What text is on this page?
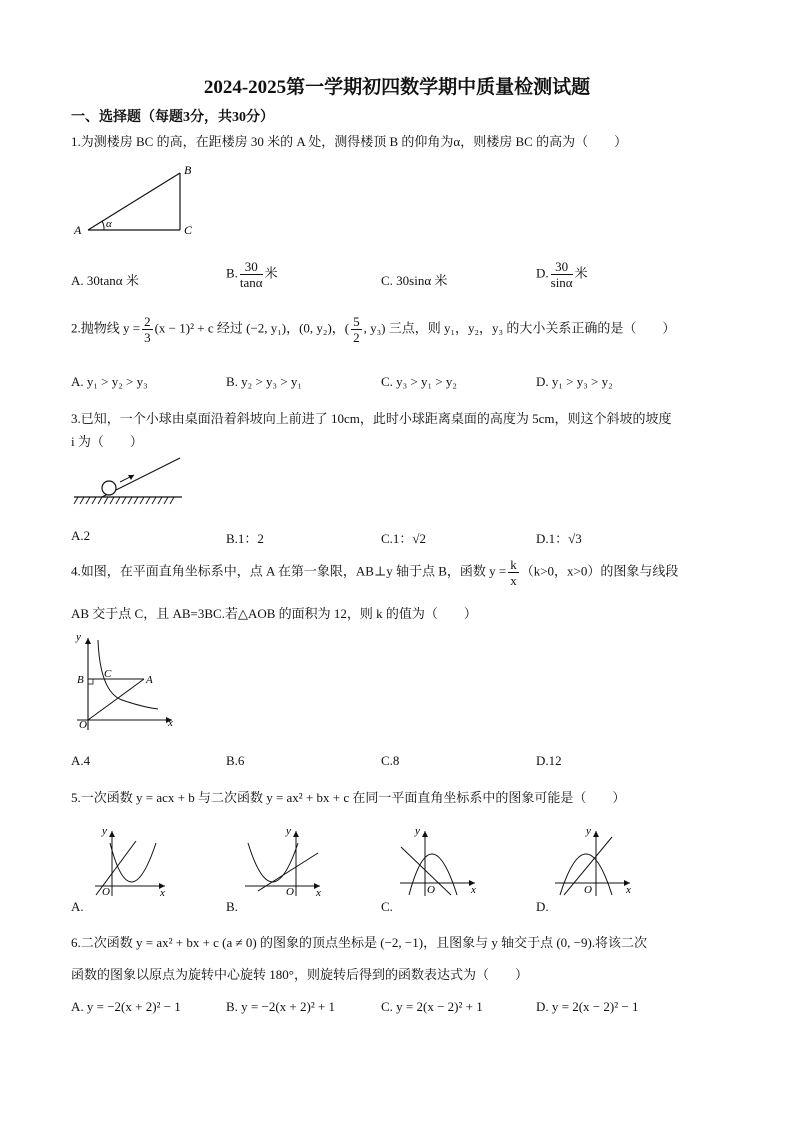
2024-2025第一学期初四数学期中质量检测试题
一、选择题（每题3分，共30分）
1.为测楼房 BC 的高，在距楼房 30 米的 A 处，测得楼顶 B 的仰角为α，则楼房 BC 的高为（　　）
A
B
C
α
A. 30tanα 米
B. $\frac{30}{\tan\alpha}$ 米
C. 30sinα 米
D. $\frac{30}{\sin\alpha}$ 米
2.抛物线 $y = \frac{2}{3} (x - 1)^2 + c$ 经过 (−2, y₁)，(0, y₂)，( $\frac{5}{2}$ , y₃) 三点，则 y₁，y₂，y₃ 的大小关系正确的是（　　）
A. y₁ > y₂ > y₃	B. y₂ > y₃ > y₁	C. y₃ > y₁ > y₂	D. y₁ > y₃ > y₂
3.已知，一个小球由桌面沿着斜坡向上前进了 10cm，此时小球距离桌面的高度为 5cm，则这个斜坡的坡度
i 为（　　）
A.2	B.1：2	C.1：√2	D.1：√3
4.如图，在平面直角坐标系中，点 A 在第一象限，AB⊥y 轴于点 B，函数 $y = \frac{k}{x} (k>0$，x>0）的图象与线段
AB 交于点 C，且 AB=3BC.若△AOB 的面积为 12，则 k 的值为（　　）
y
x
O
B C	A
A.4	B.6	C.8	D.12
5.一次函数 y = acx + b 与二次函数 y = ax² + bx + c 在同一平面直角坐标系中的图象可能是（　　）
y
x
O
y
x
O
y
x
O
y
x
O
A.	B.	C.	D.
6.二次函数 y = ax² + bx + c (a ≠ 0) 的图象的顶点坐标是 (−2, −1)，且图象与 y 轴交于点 (0, −9).将该二次
函数的图象以原点为旋转中心旋转 180°，则旋转后得到的函数表达式为（　　）
A. y = −2(x + 2)² − 1	B. y = −2(x + 2)² + 1	C. y = 2(x − 2)² + 1	D. y = 2(x − 2)² − 1
